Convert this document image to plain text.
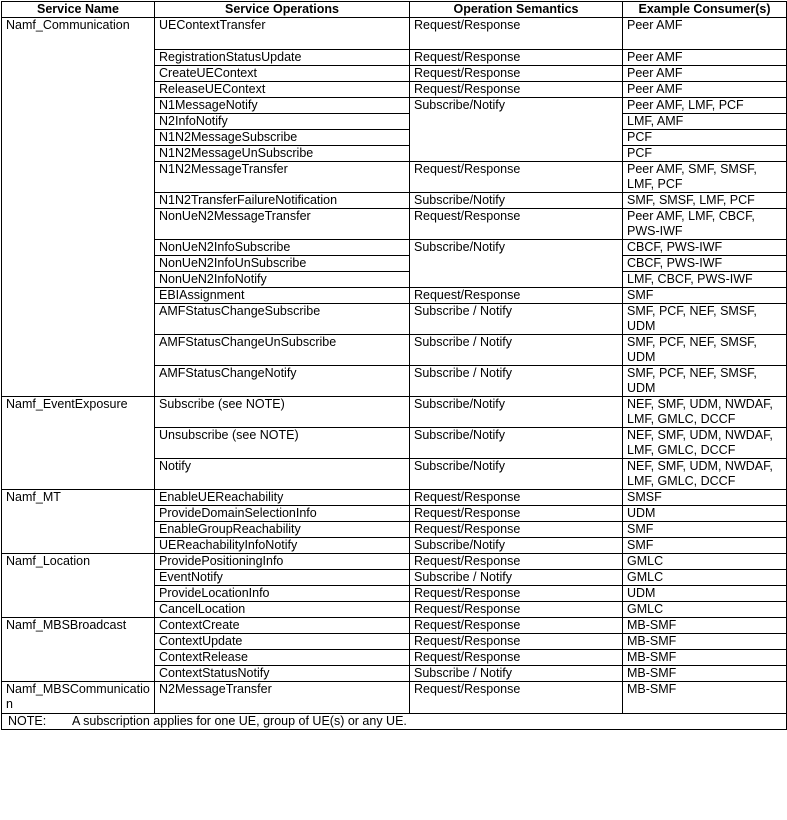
Service Name	Service Operations	Operation Semantics	Example Consumer(s)
Namf_Communication	UEContextTransfer	Request/Response	Peer AMF
	RegistrationStatusUpdate	Request/Response	Peer AMF
	CreateUEContext	Request/Response	Peer AMF
	ReleaseUEContext	Request/Response	Peer AMF
	N1MessageNotify	Subscribe/Notify	Peer AMF, LMF, PCF
	N2InfoNotify		LMF, AMF
	N1N2MessageSubscribe		PCF
	N1N2MessageUnSubscribe		PCF
	N1N2MessageTransfer	Request/Response	Peer AMF, SMF, SMSF, LMF, PCF
	N1N2TransferFailureNotification	Subscribe/Notify	SMF, SMSF, LMF, PCF
	NonUeN2MessageTransfer	Request/Response	Peer AMF, LMF, CBCF, PWS-IWF
	NonUeN2InfoSubscribe	Subscribe/Notify	CBCF, PWS-IWF
	NonUeN2InfoUnSubscribe		CBCF, PWS-IWF
	NonUeN2InfoNotify		LMF, CBCF, PWS-IWF
	EBIAssignment	Request/Response	SMF
	AMFStatusChangeSubscribe	Subscribe / Notify	SMF, PCF, NEF, SMSF, UDM
	AMFStatusChangeUnSubscribe	Subscribe / Notify	SMF, PCF, NEF, SMSF, UDM
	AMFStatusChangeNotify	Subscribe / Notify	SMF, PCF, NEF, SMSF, UDM
Namf_EventExposure	Subscribe (see NOTE)	Subscribe/Notify	NEF, SMF, UDM, NWDAF, LMF, GMLC, DCCF
	Unsubscribe (see NOTE)	Subscribe/Notify	NEF, SMF, UDM, NWDAF, LMF, GMLC, DCCF
	Notify	Subscribe/Notify	NEF, SMF, UDM, NWDAF, LMF, GMLC, DCCF
Namf_MT	EnableUEReachability	Request/Response	SMSF
	ProvideDomainSelectionInfo	Request/Response	UDM
	EnableGroupReachability	Request/Response	SMF
	UEReachabilityInfoNotify	Subscribe/Notify	SMF
Namf_Location	ProvidePositioningInfo	Request/Response	GMLC
	EventNotify	Subscribe / Notify	GMLC
	ProvideLocationInfo	Request/Response	UDM
	CancelLocation	Request/Response	GMLC
Namf_MBSBroadcast	ContextCreate	Request/Response	MB-SMF
	ContextUpdate	Request/Response	MB-SMF
	ContextRelease	Request/Response	MB-SMF
	ContextStatusNotify	Subscribe / Notify	MB-SMF
Namf_MBSCommunication	N2MessageTransfer	Request/Response	MB-SMF
NOTE: A subscription applies for one UE, group of UE(s) or any UE.			
